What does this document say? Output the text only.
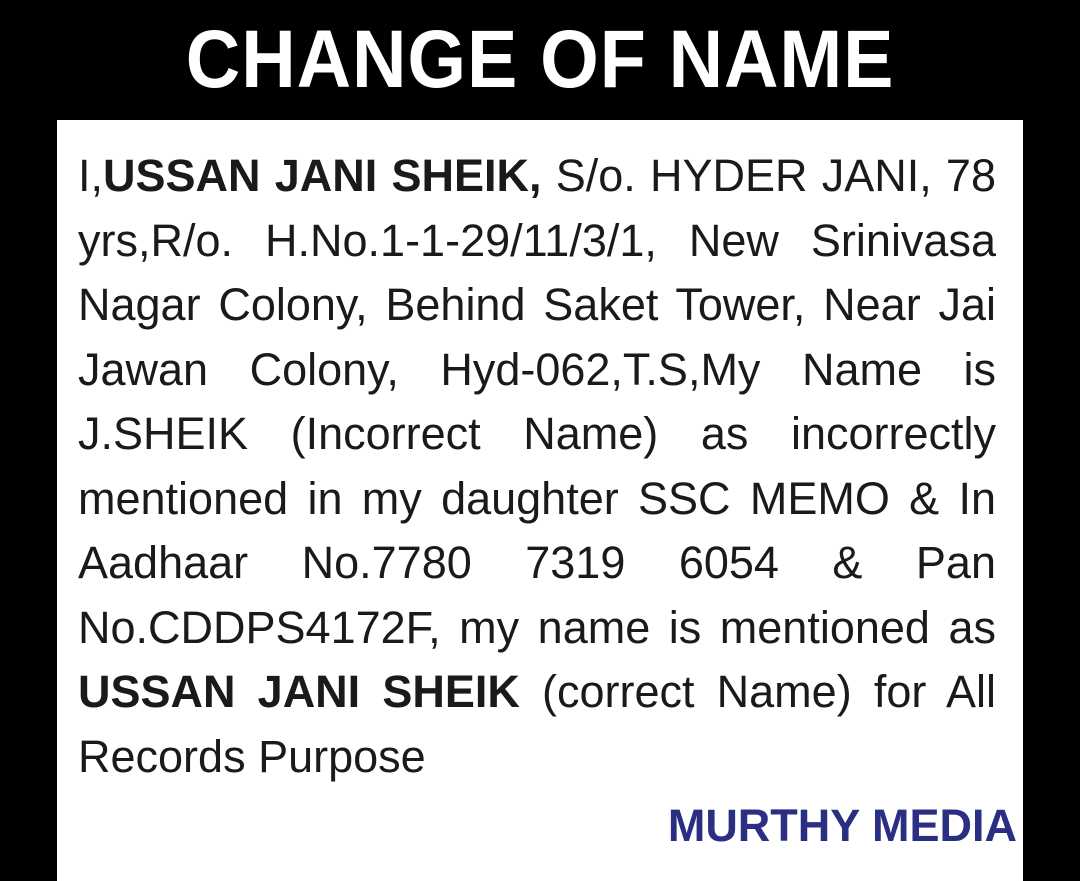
CHANGE OF NAME
I,USSAN JANI SHEIK, S/o. HYDER JANI, 78
yrs,R/o. H.No.1-1-29/11/3/1, New Srinivasa
Nagar Colony, Behind Saket Tower, Near Jai
Jawan Colony, Hyd-062,T.S,My Name is
J.SHEIK (Incorrect Name) as incorrectly
mentioned in my daughter SSC MEMO & In
Aadhaar No.7780 7319 6054 & Pan
No.CDDPS4172F, my name is mentioned as
USSAN JANI SHEIK (correct Name) for All
Records Purpose
MURTHY MEDIA
